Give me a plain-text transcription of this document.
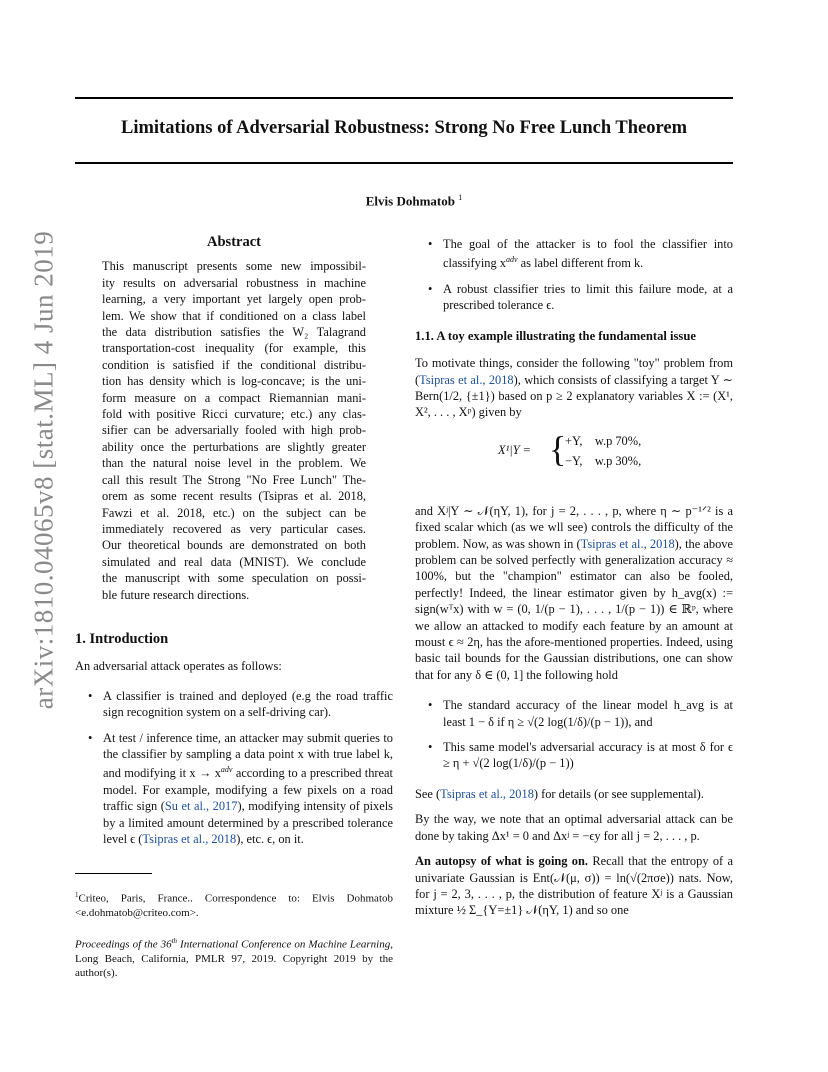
Limitations of Adversarial Robustness: Strong No Free Lunch Theorem
Elvis Dohmatob $^1$
arXiv:1810.04065v8 [stat.ML] 4 Jun 2019	Abstract
This manuscript presents some new impossibil-
ity results on adversarial robustness in machine
learning, a very important yet largely open prob-
lem. We show that if conditioned on a class label
the data distribution satisfies the W₂ Talagrand
transportation-cost inequality (for example, this
condition is satisfied if the conditional distribu-
tion has density which is log-concave; is the uni-
form measure on a compact Riemannian mani-
fold with positive Ricci curvature; etc.) any clas-
sifier can be adversarially fooled with high prob-
ability once the perturbations are slightly greater
than the natural noise level in the problem. We
call this result The Strong "No Free Lunch" The-
orem as some recent results (Tsipras et al. 2018,
Fawzi et al. 2018, etc.) on the subject can be
immediately recovered as very particular cases.
Our theoretical bounds are demonstrated on both
simulated and real data (MNIST). We conclude
the manuscript with some speculation on possi-
ble future research directions.
1. Introduction

An adversarial attack operates as follows:

• A classifier is trained and deployed (e.g the road traffic sign recognition system on a self-driving car).
• At test / inference time, an attacker may submit queries to the classifier by sampling a data point x with true label k, and modifying it $x \to x^{adv}$ according to a prescribed threat model. For example, modifying a few pixels on a road traffic sign (Su et al., 2017), modifying intensity of pixels by a limited amount determined by a prescribed tolerance level ϵ (Tsipras et al., 2018), etc. ϵ, on it.

$^1$Criteo, Paris, France.. Correspondence to: Elvis Dohmatob <e.dohmatob@criteo.com>.

Proceedings of the 36th International Conference on Machine Learning, Long Beach, California, PMLR 97, 2019. Copyright 2019 by the author(s).

• The goal of the attacker is to fool the classifier into classifying $x^{adv}$ as label different from k.
• A robust classifier tries to limit this failure mode, at a prescribed tolerance ϵ.
1.1. A toy example illustrating the fundamental issue

To motivate things, consider the following "toy" problem from (Tsipras et al., 2018), which consists of classifying a target Y ∼ Bern(1/2, {±1}) based on p ≥ 2 explanatory variables X := (X¹, X², . . . , Xᵖ) given by

X¹|Y = {
+Y,    w.p 70%,
−Y,    w.p 30%,

and Xʲ|Y ∼ 𝒩(ηY, 1), for j = 2, . . . , p, where η ∼ p⁻¹ᐟ² is a fixed scalar which (as we wll see) controls the difficulty of the problem. Now, as was shown in (Tsipras et al., 2018), the above problem can be solved perfectly with generalization accuracy ≈ 100%, but the "champion" estimator can also be fooled, perfectly! Indeed, the linear estimator given by h_avg(x) := sign(wᵀx) with w = (0, 1/(p − 1), . . . , 1/(p − 1)) ∈ ℝᵖ, where we allow an attacked to modify each feature by an amount at moust ϵ ≈ 2η, has the afore-mentioned properties. Indeed, using basic tail bounds for the Gaussian distributions, one can show that for any δ ∈ (0, 1] the following hold

• The standard accuracy of the linear model h_avg is at least 1 − δ if η ≥ √(2 log(1/δ)/(p − 1)), and
• This same model's adversarial accuracy is at most δ for ϵ ≥ η + √(2 log(1/δ)/(p − 1))

See (Tsipras et al., 2018) for details (or see supplemental).

By the way, we note that an optimal adversarial attack can be done by taking Δx¹ = 0 and Δxʲ = −ϵy for all j = 2, . . . , p.

An autopsy of what is going on. Recall that the entropy of a univariate Gaussian is Ent(𝒩(μ, σ)) = ln(√(2πσe)) nats. Now, for j = 2, 3, . . . , p, the distribution of feature Xʲ is a Gaussian mixture ½ Σ_{Y=±1} 𝒩(ηY, 1) and so one
